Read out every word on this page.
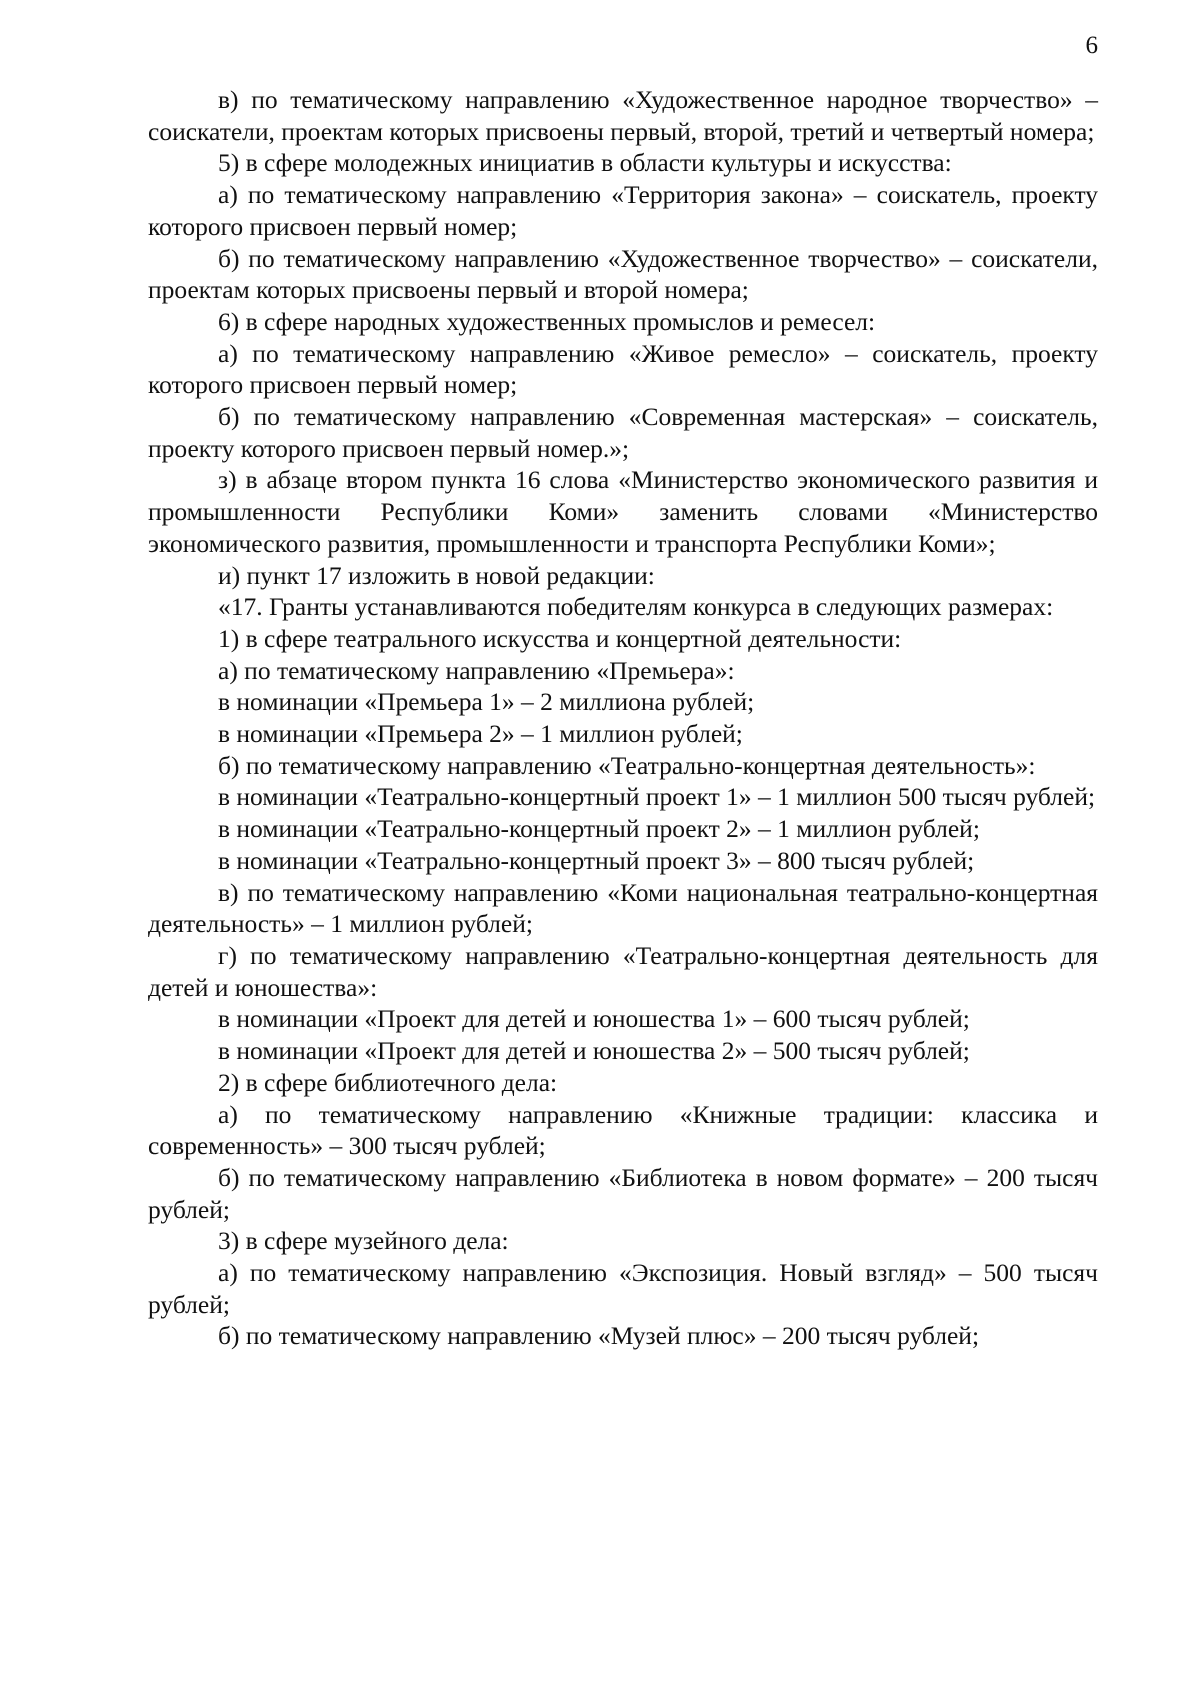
6

в) по тематическому направлению «Художественное народное творчество» – соискатели, проектам которых присвоены первый, второй, третий и четвертый номера;

5) в сфере молодежных инициатив в области культуры и искусства:

а) по тематическому направлению «Территория закона» – соискатель, проекту которого присвоен первый номер;

б) по тематическому направлению «Художественное творчество» – соискатели, проектам которых присвоены первый и второй номера;

6) в сфере народных художественных промыслов и ремесел:

а) по тематическому направлению «Живое ремесло» – соискатель, проекту которого присвоен первый номер;

б) по тематическому направлению «Современная мастерская» – соискатель, проекту которого присвоен первый номер.»;

з) в абзаце втором пункта 16 слова «Министерство экономического развития и промышленности Республики Коми» заменить словами «Министерство экономического развития, промышленности и транспорта Республики Коми»;

и) пункт 17 изложить в новой редакции:

«17. Гранты устанавливаются победителям конкурса в следующих размерах:

1) в сфере театрального искусства и концертной деятельности:

а) по тематическому направлению «Премьера»:

в номинации «Премьера 1» – 2 миллиона рублей;

в номинации «Премьера 2» – 1 миллион рублей;

б) по тематическому направлению «Театрально-концертная деятельность»:

в номинации «Театрально-концертный проект 1» – 1 миллион 500 тысяч рублей;

в номинации «Театрально-концертный проект 2» – 1 миллион рублей;

в номинации «Театрально-концертный проект 3» – 800 тысяч рублей;

в) по тематическому направлению «Коми национальная театрально-концертная деятельность» – 1 миллион рублей;

г) по тематическому направлению «Театрально-концертная деятельность для детей и юношества»:

в номинации «Проект для детей и юношества 1» – 600 тысяч рублей;

в номинации «Проект для детей и юношества 2» – 500 тысяч рублей;

2) в сфере библиотечного дела:

а) по тематическому направлению «Книжные традиции: классика и современность» – 300 тысяч рублей;

б) по тематическому направлению «Библиотека в новом формате» – 200 тысяч рублей;

3) в сфере музейного дела:

а) по тематическому направлению «Экспозиция. Новый взгляд» – 500 тысяч рублей;

б) по тематическому направлению «Музей плюс» – 200 тысяч рублей;
